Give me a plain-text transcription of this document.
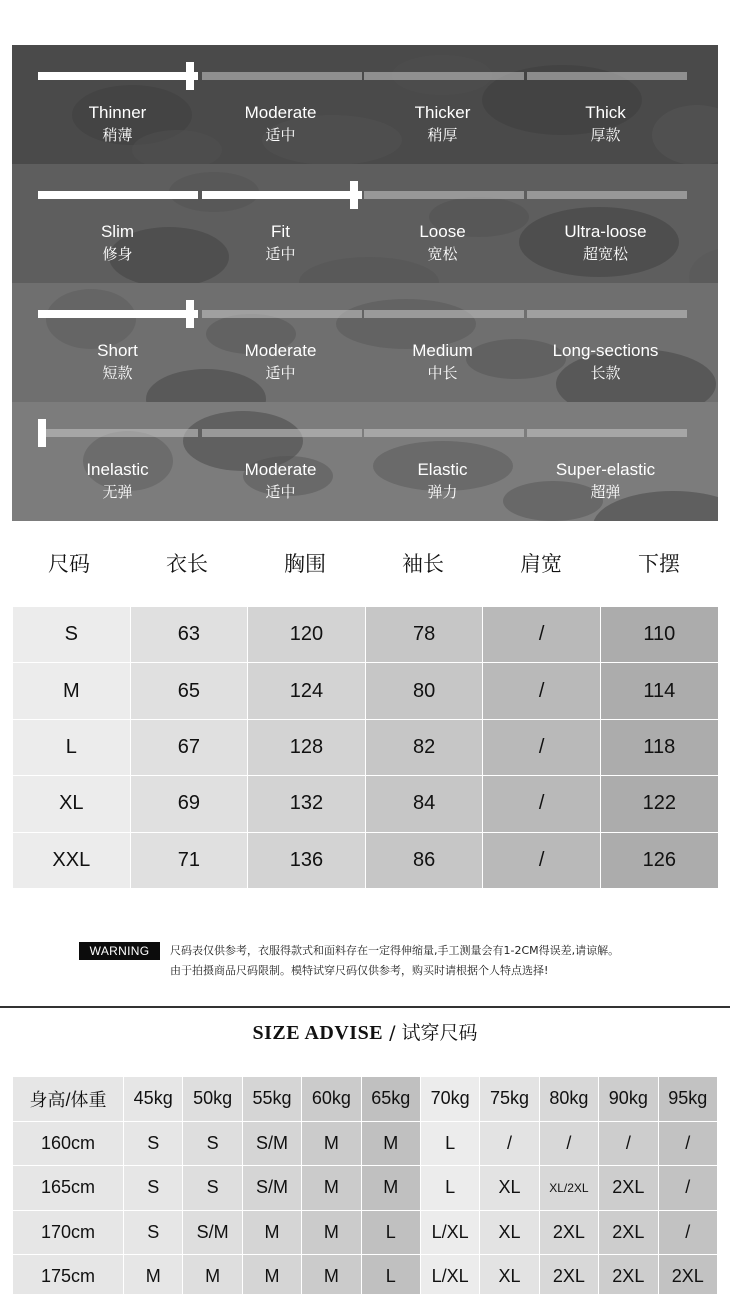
Thinner
稍薄
Moderate
适中
Thicker
稍厚
Thick
厚款
Slim
修身
Fit
适中
Loose
宽松
Ultra-loose
超宽松
Short
短款
Moderate
适中
Medium
中长
Long-sections
长款
Inelastic
无弹
Moderate
适中
Elastic
弹力
Super-elastic
超弹
尺码	衣长	胸围	袖长	肩宽	下摆
S	63	120	78	/	110
M	65	124	80	/	114
L	67	128	82	/	118
XL	69	132	84	/	122
XXL	71	136	86	/	126
WARNING	尺码表仅供参考，衣服得款式和面料存在一定得伸缩量,手工测量会有1-2CM得误差,请谅解。
由于拍摄商品尺码限制。模特试穿尺码仅供参考，购买时请根据个人特点选择!
SIZE ADVISE / 试穿尺码
身高/体重	45kg	50kg	55kg	60kg	65kg	70kg	75kg	80kg	90kg	95kg
160cm	S	S	S/M	M	M	L	/	/	/	/
165cm	S	S	S/M	M	M	L	XL	XL/2XL	2XL	/
170cm	S	S/M	M	M	L	L/XL	XL	2XL	2XL	/
175cm	M	M	M	M	L	L/XL	XL	2XL	2XL	2XL
